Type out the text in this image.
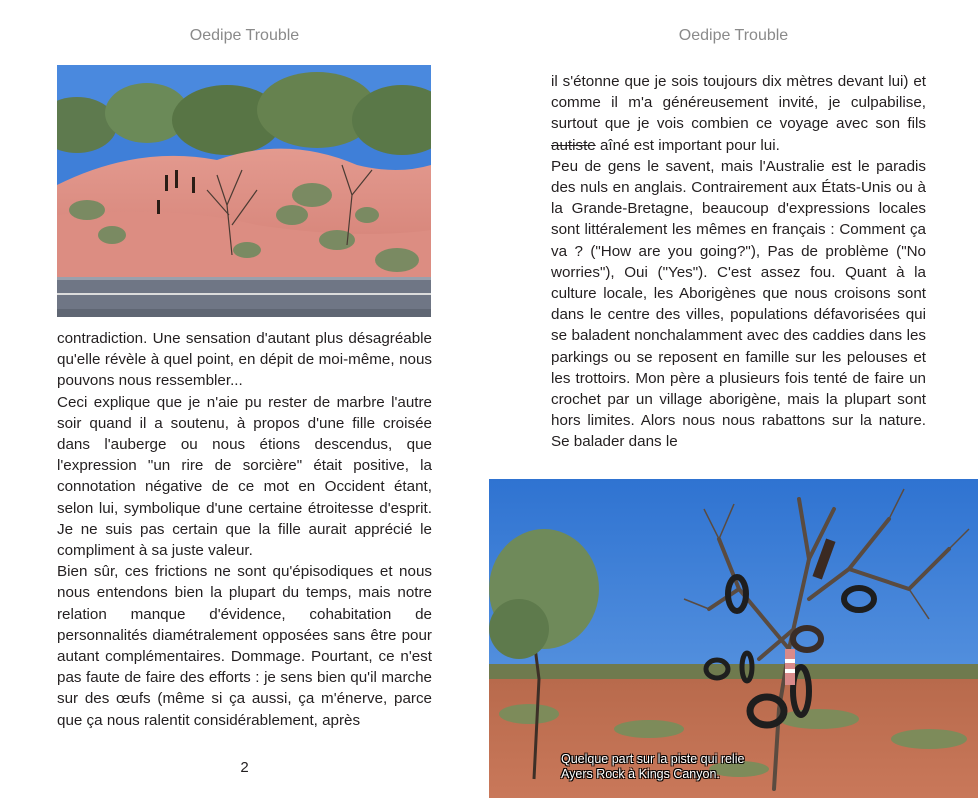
Oedipe Trouble

contradiction. Une sensation d'autant plus désagréable qu'elle révèle à quel point, en dépit de moi-même, nous pouvons nous ressembler...

Ceci explique que je n'aie pu rester de marbre l'autre soir quand il a soutenu, à propos d'une fille croisée dans l'auberge ou nous étions descendus, que l'expression "un rire de sorcière" était positive, la connotation négative de ce mot en Occident étant, selon lui, symbolique d'une certaine étroitesse d'esprit. Je ne suis pas certain que la fille aurait apprécié le compliment à sa juste valeur.

Bien sûr, ces frictions ne sont qu'épisodiques et nous nous entendons bien la plupart du temps, mais notre relation manque d'évidence, cohabitation de personnalités diamétralement opposées sans être pour autant complémentaires. Dommage. Pourtant, ce n'est pas faute de faire des efforts : je sens bien qu'il marche sur des œufs (même si ça aussi, ça m'énerve, parce que ça nous ralentit considérablement, après

2
Oedipe Trouble

il s'étonne que je sois toujours dix mètres devant lui) et comme il m'a généreusement invité, je culpabilise, surtout que je vois combien ce voyage avec son fils autiste aîné est important pour lui.

Peu de gens le savent, mais l'Australie est le paradis des nuls en anglais. Contrairement aux États-Unis ou à la Grande-Bretagne, beaucoup d'expressions locales sont littéralement les mêmes en français : Comment ça va ? ("How are you going?"), Pas de problème ("No worries"), Oui ("Yes"). C'est assez fou. Quant à la culture locale, les Aborigènes que nous croisons sont dans le centre des villes, populations défavorisées qui se baladent nonchalamment avec des caddies dans les parkings ou se reposent en famille sur les pelouses et les trottoirs. Mon père a plusieurs fois tenté de faire un crochet par un village aborigène, mais la plupart sont hors limites. Alors nous nous rabattons sur la nature. Se balader dans le

Quelque part sur la piste qui relie
Ayers Rock à Kings Canyon.
